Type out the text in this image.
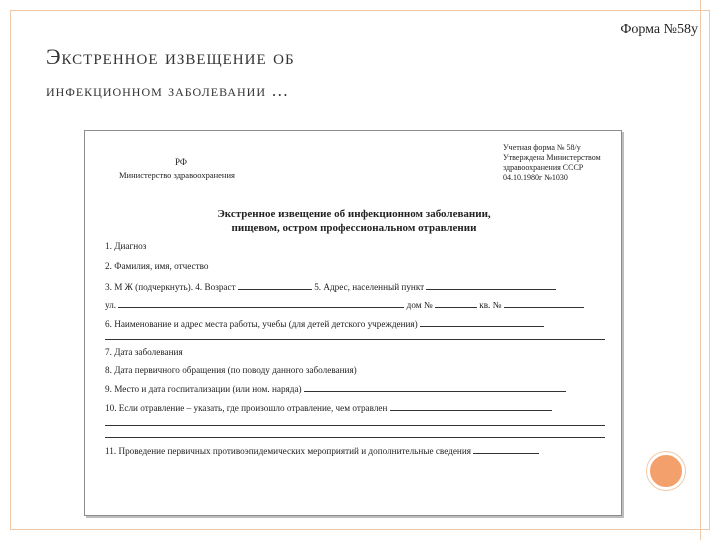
Форма №58у
Экстренное извещение об
инфекционном заболевании …
РФ
Министерство здравоохранения
Учетная форма № 58/у
Утверждена Министерством
здравоохранения СССР
04.10.1980г №1030
Экстренное извещение об инфекционном заболевании,
пищевом, остром профессиональном отравлении
1. Диагноз
2. Фамилия, имя, отчество
3. М Ж (подчеркнуть). 4. Возраст	5. Адрес, населенный пункт
ул.	дом №	кв. №
6. Наименование и адрес места работы, учебы (для детей детского учреждения)
7. Дата заболевания
8. Дата первичного обращения (по поводу данного заболевания)
9. Место и дата госпитализации (или ном. наряда)
10. Если отравление – указать, где произошло отравление, чем отравлен
11. Проведение первичных противоэпидемических мероприятий и дополнительные сведения
